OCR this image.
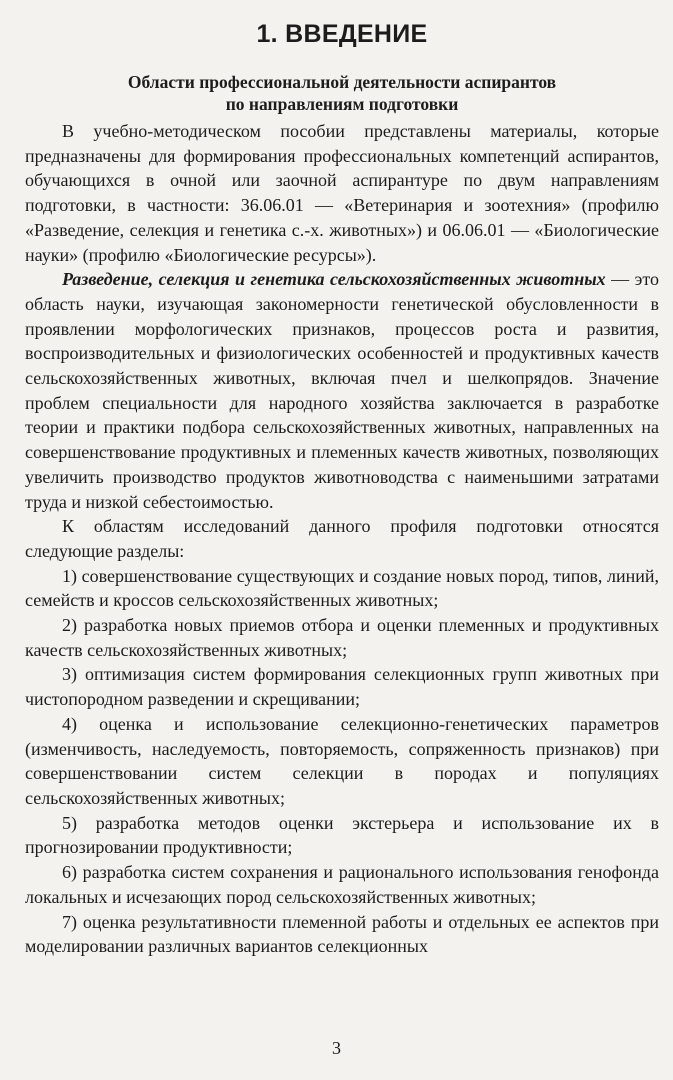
1. ВВЕДЕНИЕ
Области профессиональной деятельности аспирантов
по направлениям подготовки

В учебно-методическом пособии представлены материалы, которые предназначены для формирования профессиональных компетенций аспирантов, обучающихся в очной или заочной аспирантуре по двум направлениям подготовки, в частности: 36.06.01 — «Ветеринария и зоотехния» (профилю «Разведение, селекция и генетика с.-х. животных») и 06.06.01 — «Биологические науки» (профилю «Биологические ресурсы»).

Разведение, селекция и генетика сельскохозяйственных животных — это область науки, изучающая закономерности генетической обусловленности в проявлении морфологических признаков, процессов роста и развития, воспроизводительных и физиологических особенностей и продуктивных качеств сельскохозяйственных животных, включая пчел и шелкопрядов. Значение проблем специальности для народного хозяйства заключается в разработке теории и практики подбора сельскохозяйственных животных, направленных на совершенствование продуктивных и племенных качеств животных, позволяющих увеличить производство продуктов животноводства с наименьшими затратами труда и низкой себестоимостью.

К областям исследований данного профиля подготовки относятся следующие разделы:

1) совершенствование существующих и создание новых пород, типов, линий, семейств и кроссов сельскохозяйственных животных;

2) разработка новых приемов отбора и оценки племенных и продуктивных качеств сельскохозяйственных животных;

3) оптимизация систем формирования селекционных групп животных при чистопородном разведении и скрещивании;

4) оценка и использование селекционно-генетических параметров (изменчивость, наследуемость, повторяемость, сопряженность признаков) при совершенствовании систем селекции в породах и популяциях сельскохозяйственных животных;

5) разработка методов оценки экстерьера и использование их в прогнозировании продуктивности;

6) разработка систем сохранения и рационального использования генофонда локальных и исчезающих пород сельскохозяйственных животных;

7) оценка результативности племенной работы и отдельных ее аспектов при моделировании различных вариантов селекционных

3
